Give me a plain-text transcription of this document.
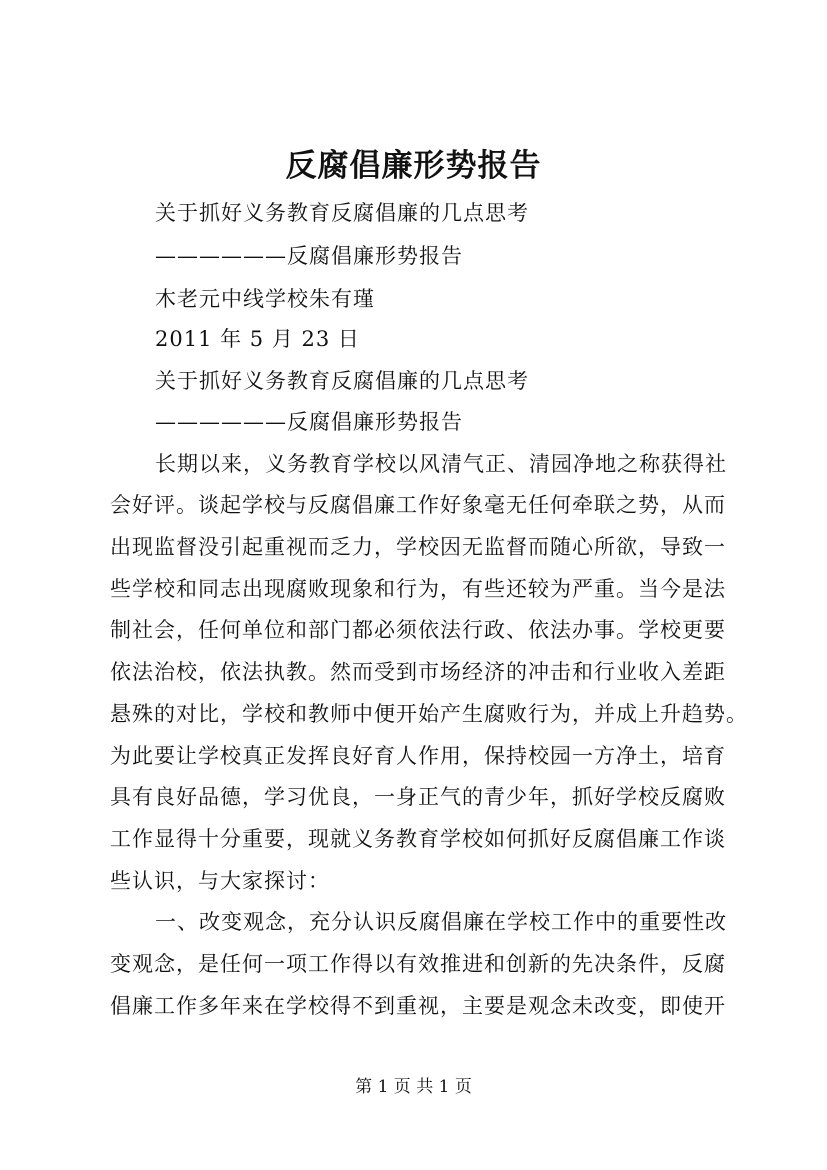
反腐倡廉形势报告
关于抓好义务教育反腐倡廉的几点思考
——————反腐倡廉形势报告
木老元中线学校朱有瑾
2011 年 5 月 23 日
关于抓好义务教育反腐倡廉的几点思考
——————反腐倡廉形势报告
长期以来，义务教育学校以风清气正、清园净地之称获得社
会好评。谈起学校与反腐倡廉工作好象毫无任何牵联之势，从而
出现监督没引起重视而乏力，学校因无监督而随心所欲，导致一
些学校和同志出现腐败现象和行为，有些还较为严重。当今是法
制社会，任何单位和部门都必须依法行政、依法办事。学校更要
依法治校，依法执教。然而受到市场经济的冲击和行业收入差距
悬殊的对比，学校和教师中便开始产生腐败行为，并成上升趋势。
为此要让学校真正发挥良好育人作用，保持校园一方净土，培育
具有良好品德，学习优良，一身正气的青少年，抓好学校反腐败
工作显得十分重要，现就义务教育学校如何抓好反腐倡廉工作谈
些认识，与大家探讨：
一、改变观念，充分认识反腐倡廉在学校工作中的重要性改
变观念，是任何一项工作得以有效推进和创新的先决条件，反腐
倡廉工作多年来在学校得不到重视，主要是观念未改变，即使开
第 1 页 共 1 页
